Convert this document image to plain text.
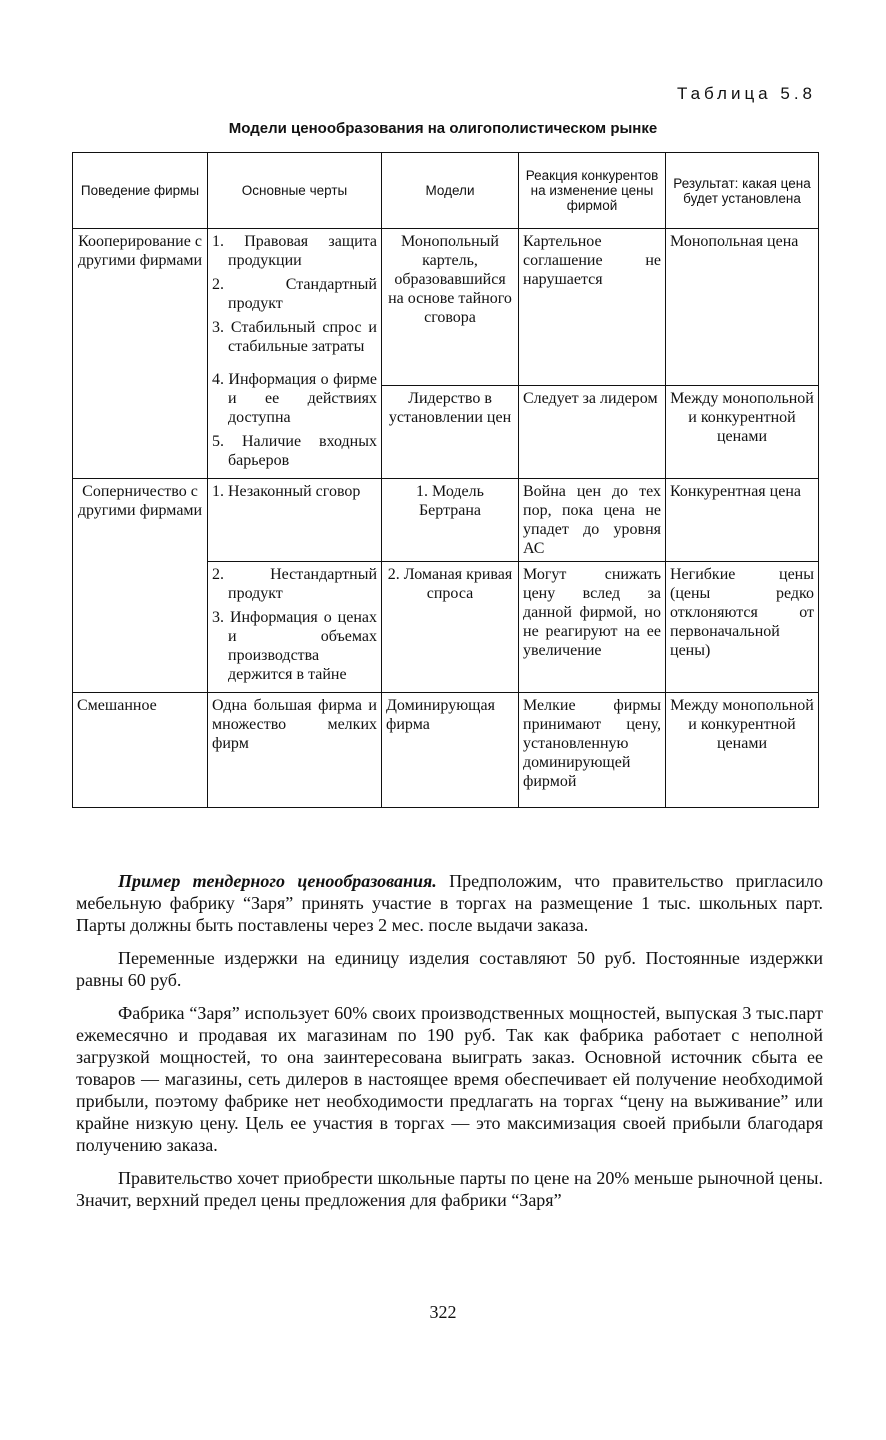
Таблица 5.8
Модели ценообразования на олигополистическом рынке
Поведение фирмы	Основные черты	Модели	Реакция конкурентов на изменение цены фирмой	Результат: какая цена будет установлена
Кооперирование с другими фирмами	1. Правовая защита продукции
2. Стандартный продукт
3. Стабильный спрос и стабильные затраты
4. Информация о фирме и ее действиях доступна
5. Наличие входных барьеров	Монопольный картель, образовавшийся на основе тайного сговора	Картельное соглашение не нарушается	Монопольная цена
		Лидерство в установлении цен	Следует за лидером	Между монопольной и конкурентной ценами
Соперничество с другими фирмами	1. Незаконный сговор	1. Модель Бертрана	Война цен до тех пор, пока цена не упадет до уровня АС	Конкурентная цена

	2. Нестандартный продукт
3. Информация о ценах и объемах производства держится в тайне	2. Ломаная кривая спроса	Могут снижать цену вслед за данной фирмой, но не реагируют на ее увеличение	Негибкие цены (цены редко отклоняются от первоначальной цены)
Смешанное	Одна большая фирма и множество мелких фирм	Доминирующая фирма	Мелкие фирмы принимают цену, установленную доминирующей фирмой	Между монопольной и конкурентной ценами

Пример тендерного ценообразования. Предположим, что правительство пригласило мебельную фабрику “Заря” принять участие в торгах на размещение 1 тыс. школьных парт. Парты должны быть поставлены через 2 мес. после выдачи заказа.

Переменные издержки на единицу изделия составляют 50 руб. Постоянные издержки равны 60 руб.

Фабрика “Заря” использует 60% своих производственных мощностей, выпуская 3 тыс.парт ежемесячно и продавая их магазинам по 190 руб. Так как фабрика работает с неполной загрузкой мощностей, то она заинтересована выиграть заказ. Основной источник сбыта ее товаров — магазины, сеть дилеров в настоящее время обеспечивает ей получение необходимой прибыли, поэтому фабрике нет необходимости предлагать на торгах “цену на выживание” или крайне низкую цену. Цель ее участия в торгах — это максимизация своей прибыли благодаря получению заказа.

Правительство хочет приобрести школьные парты по цене на 20% меньше рыночной цены. Значит, верхний предел цены предложения для фабрики “Заря”

322
